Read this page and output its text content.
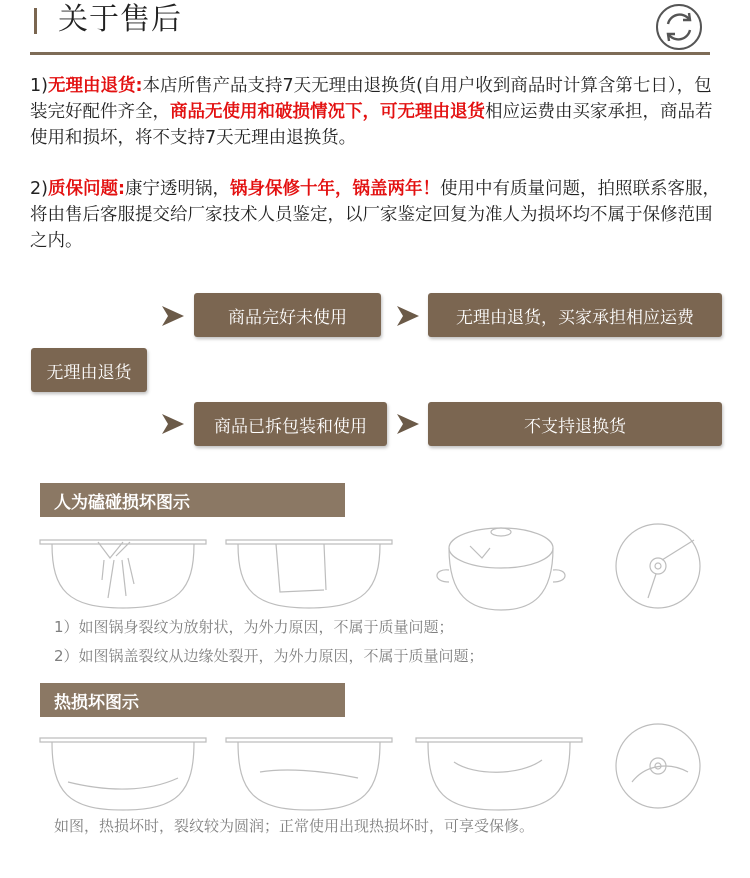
关于售后

1)无理由退货:本店所售产品支持7天无理由退换货(自用户收到商品时计算含第七日），包装完好配件齐全，商品无使用和破损情况下，可无理由退货相应运费由买家承担，商品若使用和损坏，将不支持7天无理由退换货。

2)质保问题:康宁透明锅，锅身保修十年，锅盖两年！使用中有质量问题，拍照联系客服，将由售后客服提交给厂家技术人员鉴定，以厂家鉴定回复为准人为损坏均不属于保修范围之内。

无理由退货
商品完好未使用	无理由退货，买家承担相应运费
商品已拆包装和使用	不支持退换货
人为磕碰损坏图示
1）如图锅身裂纹为放射状，为外力原因，不属于质量问题；
2）如图锅盖裂纹从边缘处裂开，为外力原因，不属于质量问题；
热损坏图示
如图，热损坏时，裂纹较为圆润；正常使用出现热损坏时，可享受保修。
